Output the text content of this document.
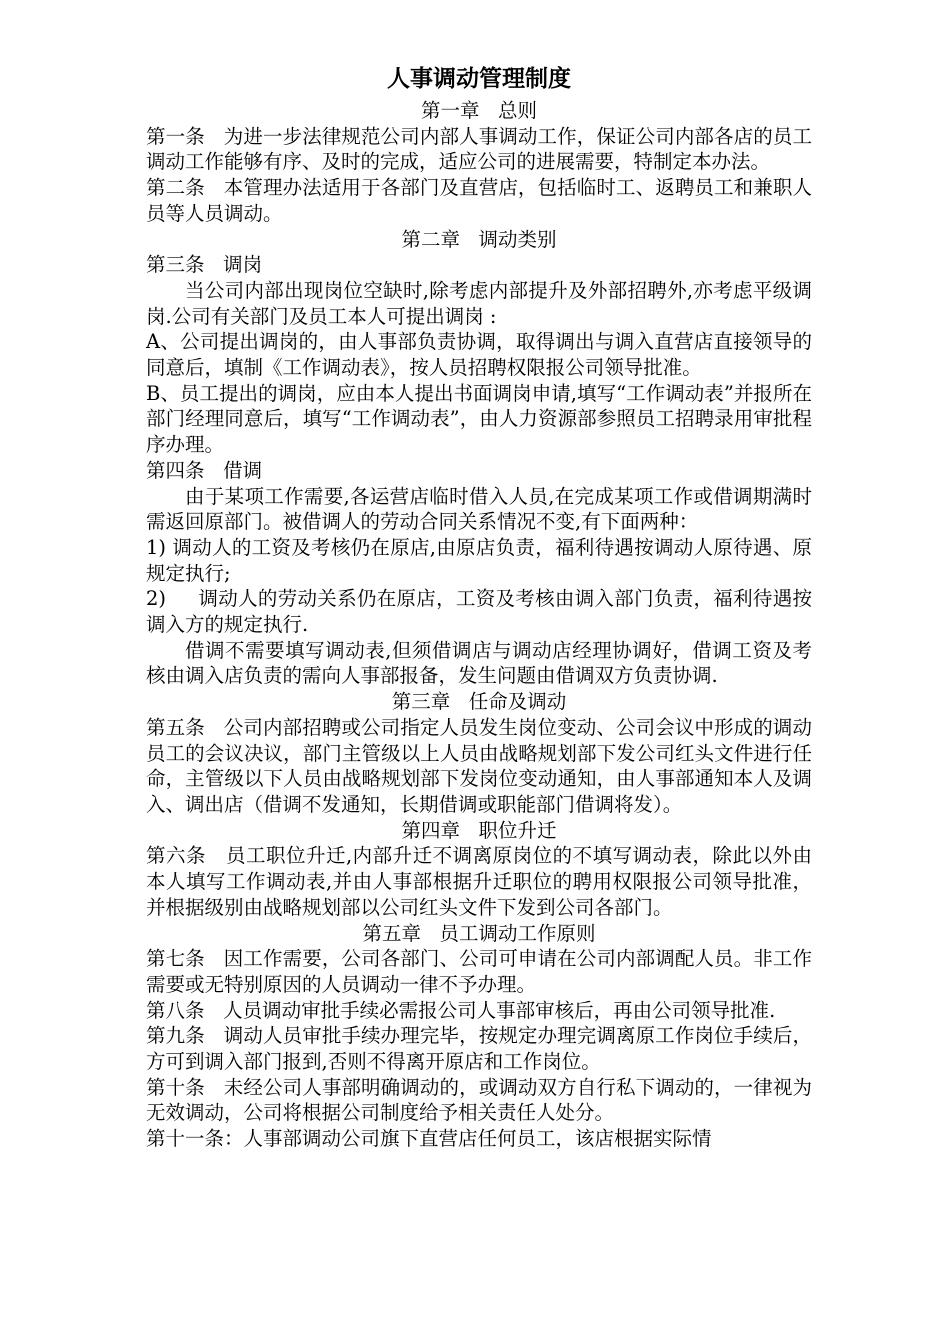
人事调动管理制度

第一章   总则

第一条   为进一步法律规范公司内部人事调动工作，保证公司内部各店的员工调动工作能够有序、及时的完成，适应公司的进展需要，特制定本办法。

第二条   本管理办法适用于各部门及直营店，包括临时工、返聘员工和兼职人员等人员调动。

第二章   调动类别

第三条   调岗

当公司内部出现岗位空缺时,除考虑内部提升及外部招聘外,亦考虑平级调岗.公司有关部门及员工本人可提出调岗 :

A、公司提出调岗的，由人事部负责协调，取得调出与调入直营店直接领导的同意后，填制《工作调动表》，按人员招聘权限报公司领导批准。

B、员工提出的调岗，应由本人提出书面调岗申请,填写“工作调动表”并报所在部门经理同意后，填写“工作调动表”，由人力资源部参照员工招聘录用审批程序办理。

第四条   借调

由于某项工作需要,各运营店临时借入人员,在完成某项工作或借调期满时需返回原部门。被借调人的劳动合同关系情况不变,有下面两种：

1) 调动人的工资及考核仍在原店,由原店负责，福利待遇按调动人原待遇、原规定执行;

2)     调动人的劳动关系仍在原店，工资及考核由调入部门负责，福利待遇按调入方的规定执行.

借调不需要填写调动表,但须借调店与调动店经理协调好，借调工资及考核由调入店负责的需向人事部报备，发生问题由借调双方负责协调.

第三章   任命及调动

第五条   公司内部招聘或公司指定人员发生岗位变动、公司会议中形成的调动员工的会议决议，部门主管级以上人员由战略规划部下发公司红头文件进行任命，主管级以下人员由战略规划部下发岗位变动通知，由人事部通知本人及调入、调出店（借调不发通知，长期借调或职能部门借调将发）。

第四章   职位升迁

第六条   员工职位升迁,内部升迁不调离原岗位的不填写调动表，除此以外由本人填写工作调动表,并由人事部根据升迁职位的聘用权限报公司领导批准，并根据级别由战略规划部以公司红头文件下发到公司各部门。

第五章   员工调动工作原则

第七条   因工作需要，公司各部门、公司可申请在公司内部调配人员。非工作需要或无特别原因的人员调动一律不予办理。

第八条   人员调动审批手续必需报公司人事部审核后，再由公司领导批准.

第九条   调动人员审批手续办理完毕，按规定办理完调离原工作岗位手续后，方可到调入部门报到,否则不得离开原店和工作岗位。

第十条   未经公司人事部明确调动的，或调动双方自行私下调动的，一律视为无效调动，公司将根据公司制度给予相关责任人处分。

第十一条：人事部调动公司旗下直营店任何员工，该店根据实际情
